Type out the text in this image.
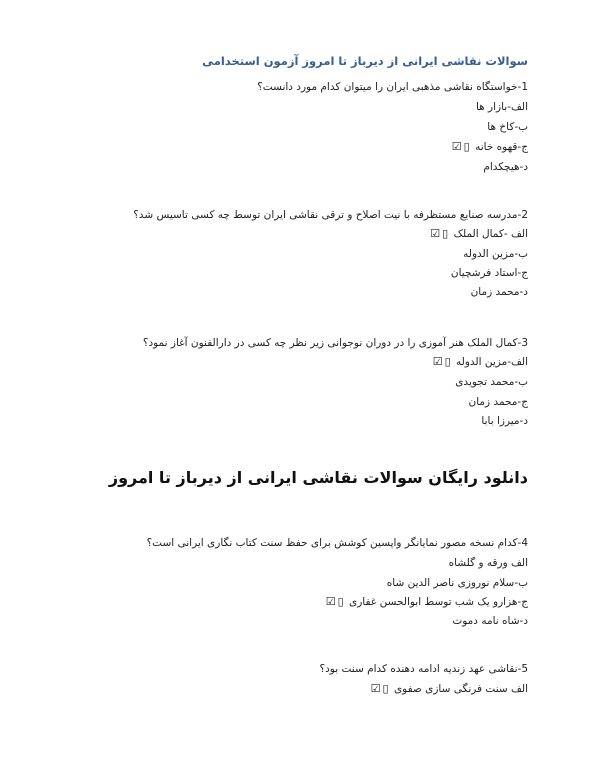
سوالات نقاشی ایرانی از دیرباز تا امروز آزمون استخدامی
1-خواستگاه نقاشی مذهبی ایران را میتوان کدام مورد دانست؟
الف-بازار ها
ب-کاخ ها
ج-قهوه خانه ▯☑
د-هیچکدام
2-مدرسه صنایع مستظرفه با نیت اصلاح و ترقی نقاشی ایران توسط چه کسی تاسیس شد؟
الف -کمال الملک ▯☑
ب-مزین الدوله
ج-استاد فرشچیان
د-محمد زمان
3-کمال الملک هنر آموزی را در دوران نوجوانی زیر نظر چه کسی در دارالفنون آغاز نمود؟
الف-مزین الدوله ▯☑
ب-محمد تجویدی
ج-محمد زمان
د-میرزا بابا
دانلود رایگان سوالات نقاشی ایرانی از دیرباز تا امروز
4-کدام نسخه مصور نمایانگر واپسین کوشش برای حفظ سنت کتاب نگاری ایرانی است؟
الف ورقه و گلشاه
ب-سلام نوروزی ناصر الدین شاه
ج-هزارو یک شب توسط ابوالحسن غفاری ▯☑
د-شاه نامه دموت
5-نقاشی عهد زندیه ادامه دهنده کدام سنت بود؟
الف سنت فرنگی سازی صفوی ▯☑
